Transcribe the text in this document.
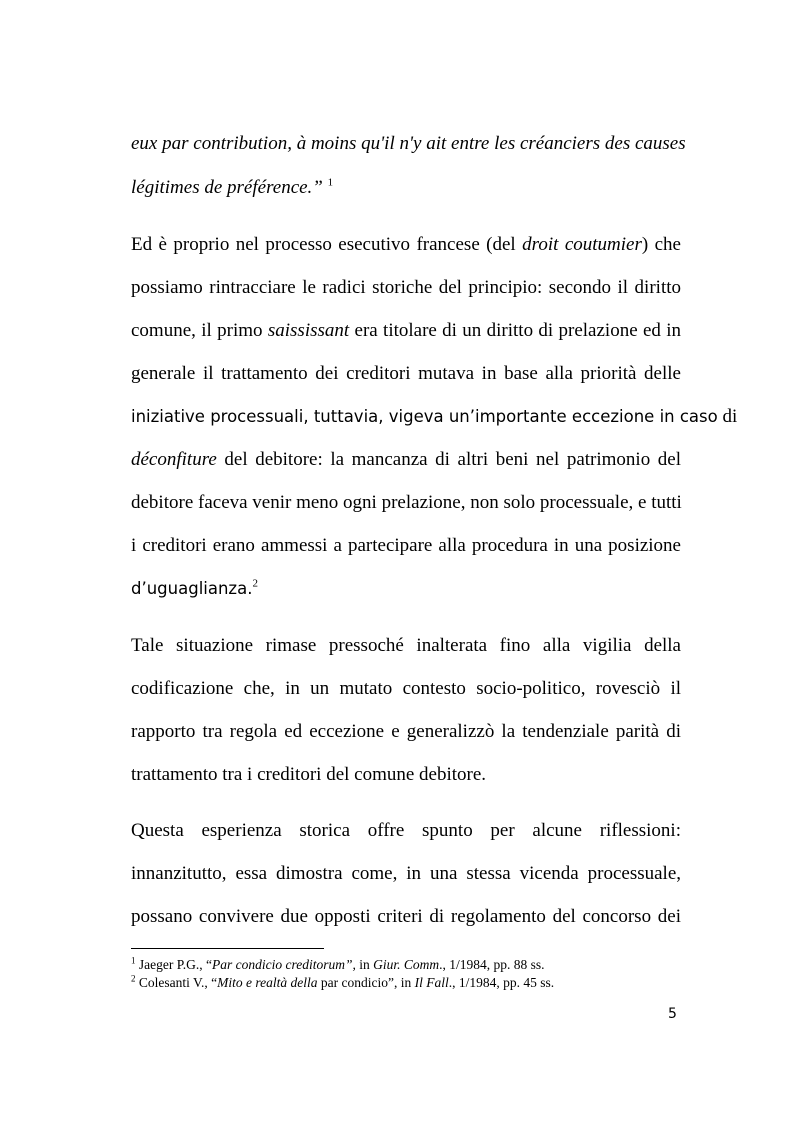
eux par contribution, à moins qu'il n'y ait entre les créanciers des causes
légitimes de préférence.” $^1$
Ed è proprio nel processo esecutivo francese (del droit coutumier) che
possiamo rintracciare le radici storiche del principio: secondo il diritto
comune, il primo saississant era titolare di un diritto di prelazione ed in
generale il trattamento dei creditori mutava in base alla priorità delle
iniziative processuali, tuttavia, vigeva un’importante eccezione in caso di
déconfiture del debitore: la mancanza di altri beni nel patrimonio del
debitore faceva venir meno ogni prelazione, non solo processuale, e tutti
i creditori erano ammessi a partecipare alla procedura in una posizione
d’uguaglianza.$^2$
Tale situazione rimase pressoché inalterata fino alla vigilia della
codificazione che, in un mutato contesto socio-politico, rovesciò il
rapporto tra regola ed eccezione e generalizzò la tendenziale parità di
trattamento tra i creditori del comune debitore.
Questa esperienza storica offre spunto per alcune riflessioni:
innanzitutto, essa dimostra come, in una stessa vicenda processuale,
possano convivere due opposti criteri di regolamento del concorso dei
$^1$ Jaeger P.G., “Par condicio creditorum”, in Giur. Comm., 1/1984, pp. 88 ss.
$^2$ Colesanti V., “Mito e realtà della par condicio”, in Il Fall., 1/1984, pp. 45 ss.
5
